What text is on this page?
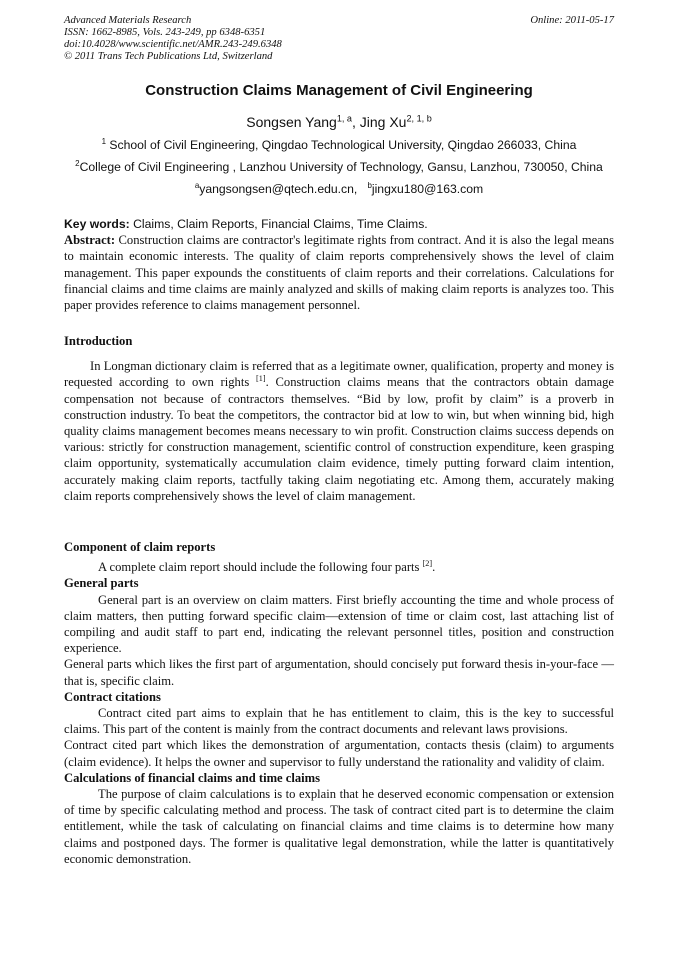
Advanced Materials Research
ISSN: 1662-8985, Vols. 243-249, pp 6348-6351
doi:10.4028/www.scientific.net/AMR.243-249.6348
© 2011 Trans Tech Publications Ltd, Switzerland
Online: 2011-05-17
Construction Claims Management of Civil Engineering
Songsen Yang$^{1, a}$, Jing Xu$^{2, 1, b}$
$^1$ School of Civil Engineering, Qingdao Technological University, Qingdao 266033, China
$^2$College of Civil Engineering , Lanzhou University of Technology, Gansu, Lanzhou, 730050, China
$^a$yangsongsen@qtech.edu.cn, $^b$jingxu180@163.com

Key words: Claims, Claim Reports, Financial Claims, Time Claims.

Abstract: Construction claims are contractor's legitimate rights from contract. And it is also the legal means to maintain economic interests. The quality of claim reports comprehensively shows the level of claim management. This paper expounds the constituents of claim reports and their correlations. Calculations for financial claims and time claims are mainly analyzed and skills of making claim reports is analyzes too. This paper provides reference to claims management personnel.

Introduction

In Longman dictionary claim is referred that as a legitimate owner, qualification, property and money is requested according to own rights [1]. Construction claims means that the contractors obtain damage compensation not because of contractors themselves. “Bid by low, profit by claim” is a proverb in construction industry. To beat the competitors, the contractor bid at low to win, but when winning bid, high quality claims management becomes means necessary to win profit. Construction claims success depends on various: strictly for construction management, scientific control of construction expenditure, keen grasping claim opportunity, systematically accumulation claim evidence, timely putting forward claim intention, accurately making claim reports, tactfully taking claim negotiating etc. Among them, accurately making claim reports comprehensively shows the level of claim management.

Component of claim reports

A complete claim report should include the following four parts [2].

General parts

General part is an overview on claim matters. First briefly accounting the time and whole process of claim matters, then putting forward specific claim—extension of time or claim cost, last attaching list of compiling and audit staff to part end, indicating the relevant personnel titles, position and construction experience.

General parts which likes the first part of argumentation, should concisely put forward thesis in-your-face — that is, specific claim.

Contract citations

Contract cited part aims to explain that he has entitlement to claim, this is the key to successful claims. This part of the content is mainly from the contract documents and relevant laws provisions.

Contract cited part which likes the demonstration of argumentation, contacts thesis (claim) to arguments (claim evidence). It helps the owner and supervisor to fully understand the rationality and validity of claim.

Calculations of financial claims and time claims

The purpose of claim calculations is to explain that he deserved economic compensation or extension of time by specific calculating method and process. The task of contract cited part is to determine the claim entitlement, while the task of calculating on financial claims and time claims is to determine how many claims and postponed days. The former is qualitative legal demonstration, while the latter is quantitatively economic demonstration.
